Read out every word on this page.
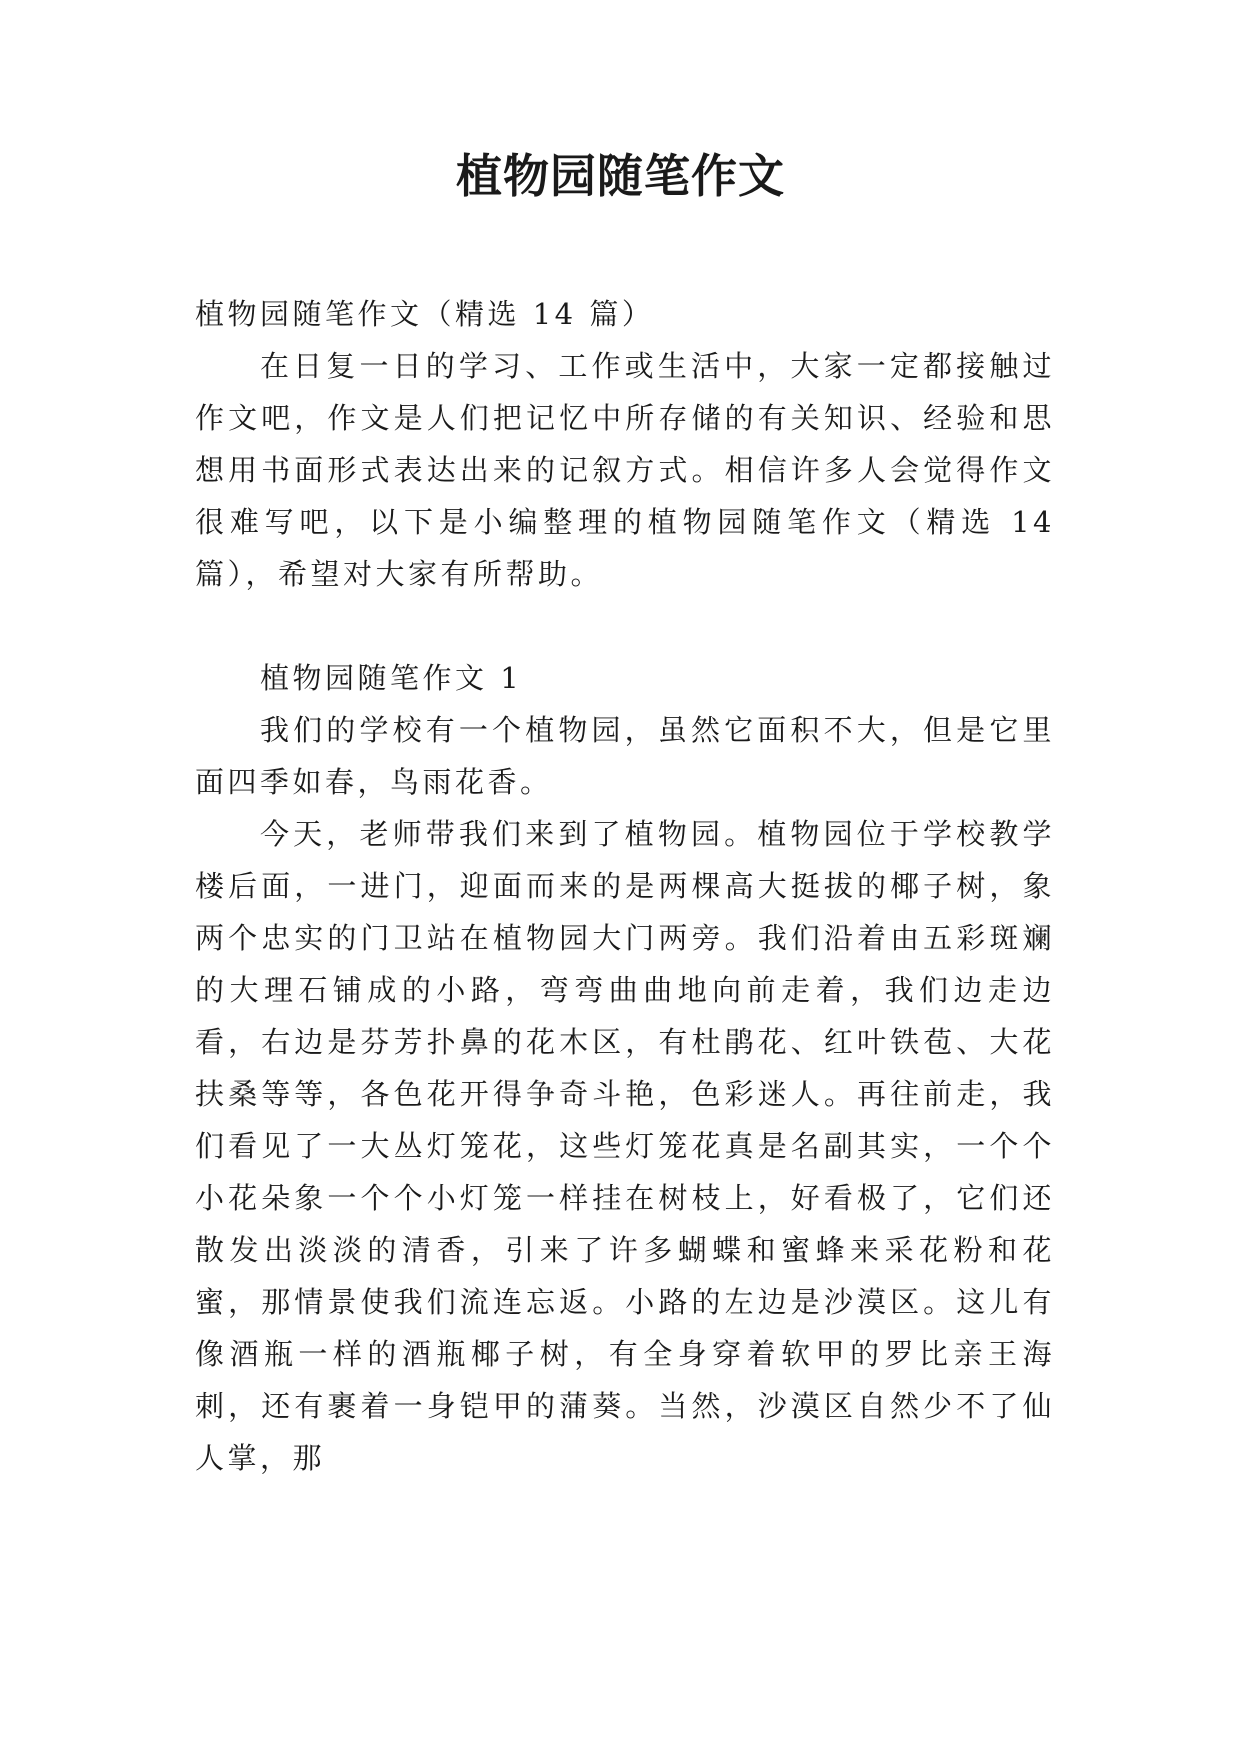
植物园随笔作文

植物园随笔作文（精选 14 篇）

在日复一日的学习、工作或生活中，大家一定都接触过作文吧，作文是人们把记忆中所存储的有关知识、经验和思想用书面形式表达出来的记叙方式。相信许多人会觉得作文很难写吧，以下是小编整理的植物园随笔作文（精选 14 篇），希望对大家有所帮助。

植物园随笔作文 1

我们的学校有一个植物园，虽然它面积不大，但是它里面四季如春，鸟雨花香。

今天，老师带我们来到了植物园。植物园位于学校教学楼后面，一进门，迎面而来的是两棵高大挺拔的椰子树，象两个忠实的门卫站在植物园大门两旁。我们沿着由五彩斑斓的大理石铺成的小路，弯弯曲曲地向前走着，我们边走边看，右边是芬芳扑鼻的花木区，有杜鹃花、红叶铁苞、大花扶桑等等，各色花开得争奇斗艳，色彩迷人。再往前走，我们看见了一大丛灯笼花，这些灯笼花真是名副其实，一个个小花朵象一个个小灯笼一样挂在树枝上，好看极了，它们还散发出淡淡的清香，引来了许多蝴蝶和蜜蜂来采花粉和花蜜，那情景使我们流连忘返。小路的左边是沙漠区。这儿有像酒瓶一样的酒瓶椰子树，有全身穿着软甲的罗比亲王海刺，还有裹着一身铠甲的蒲葵。当然，沙漠区自然少不了仙人掌，那
